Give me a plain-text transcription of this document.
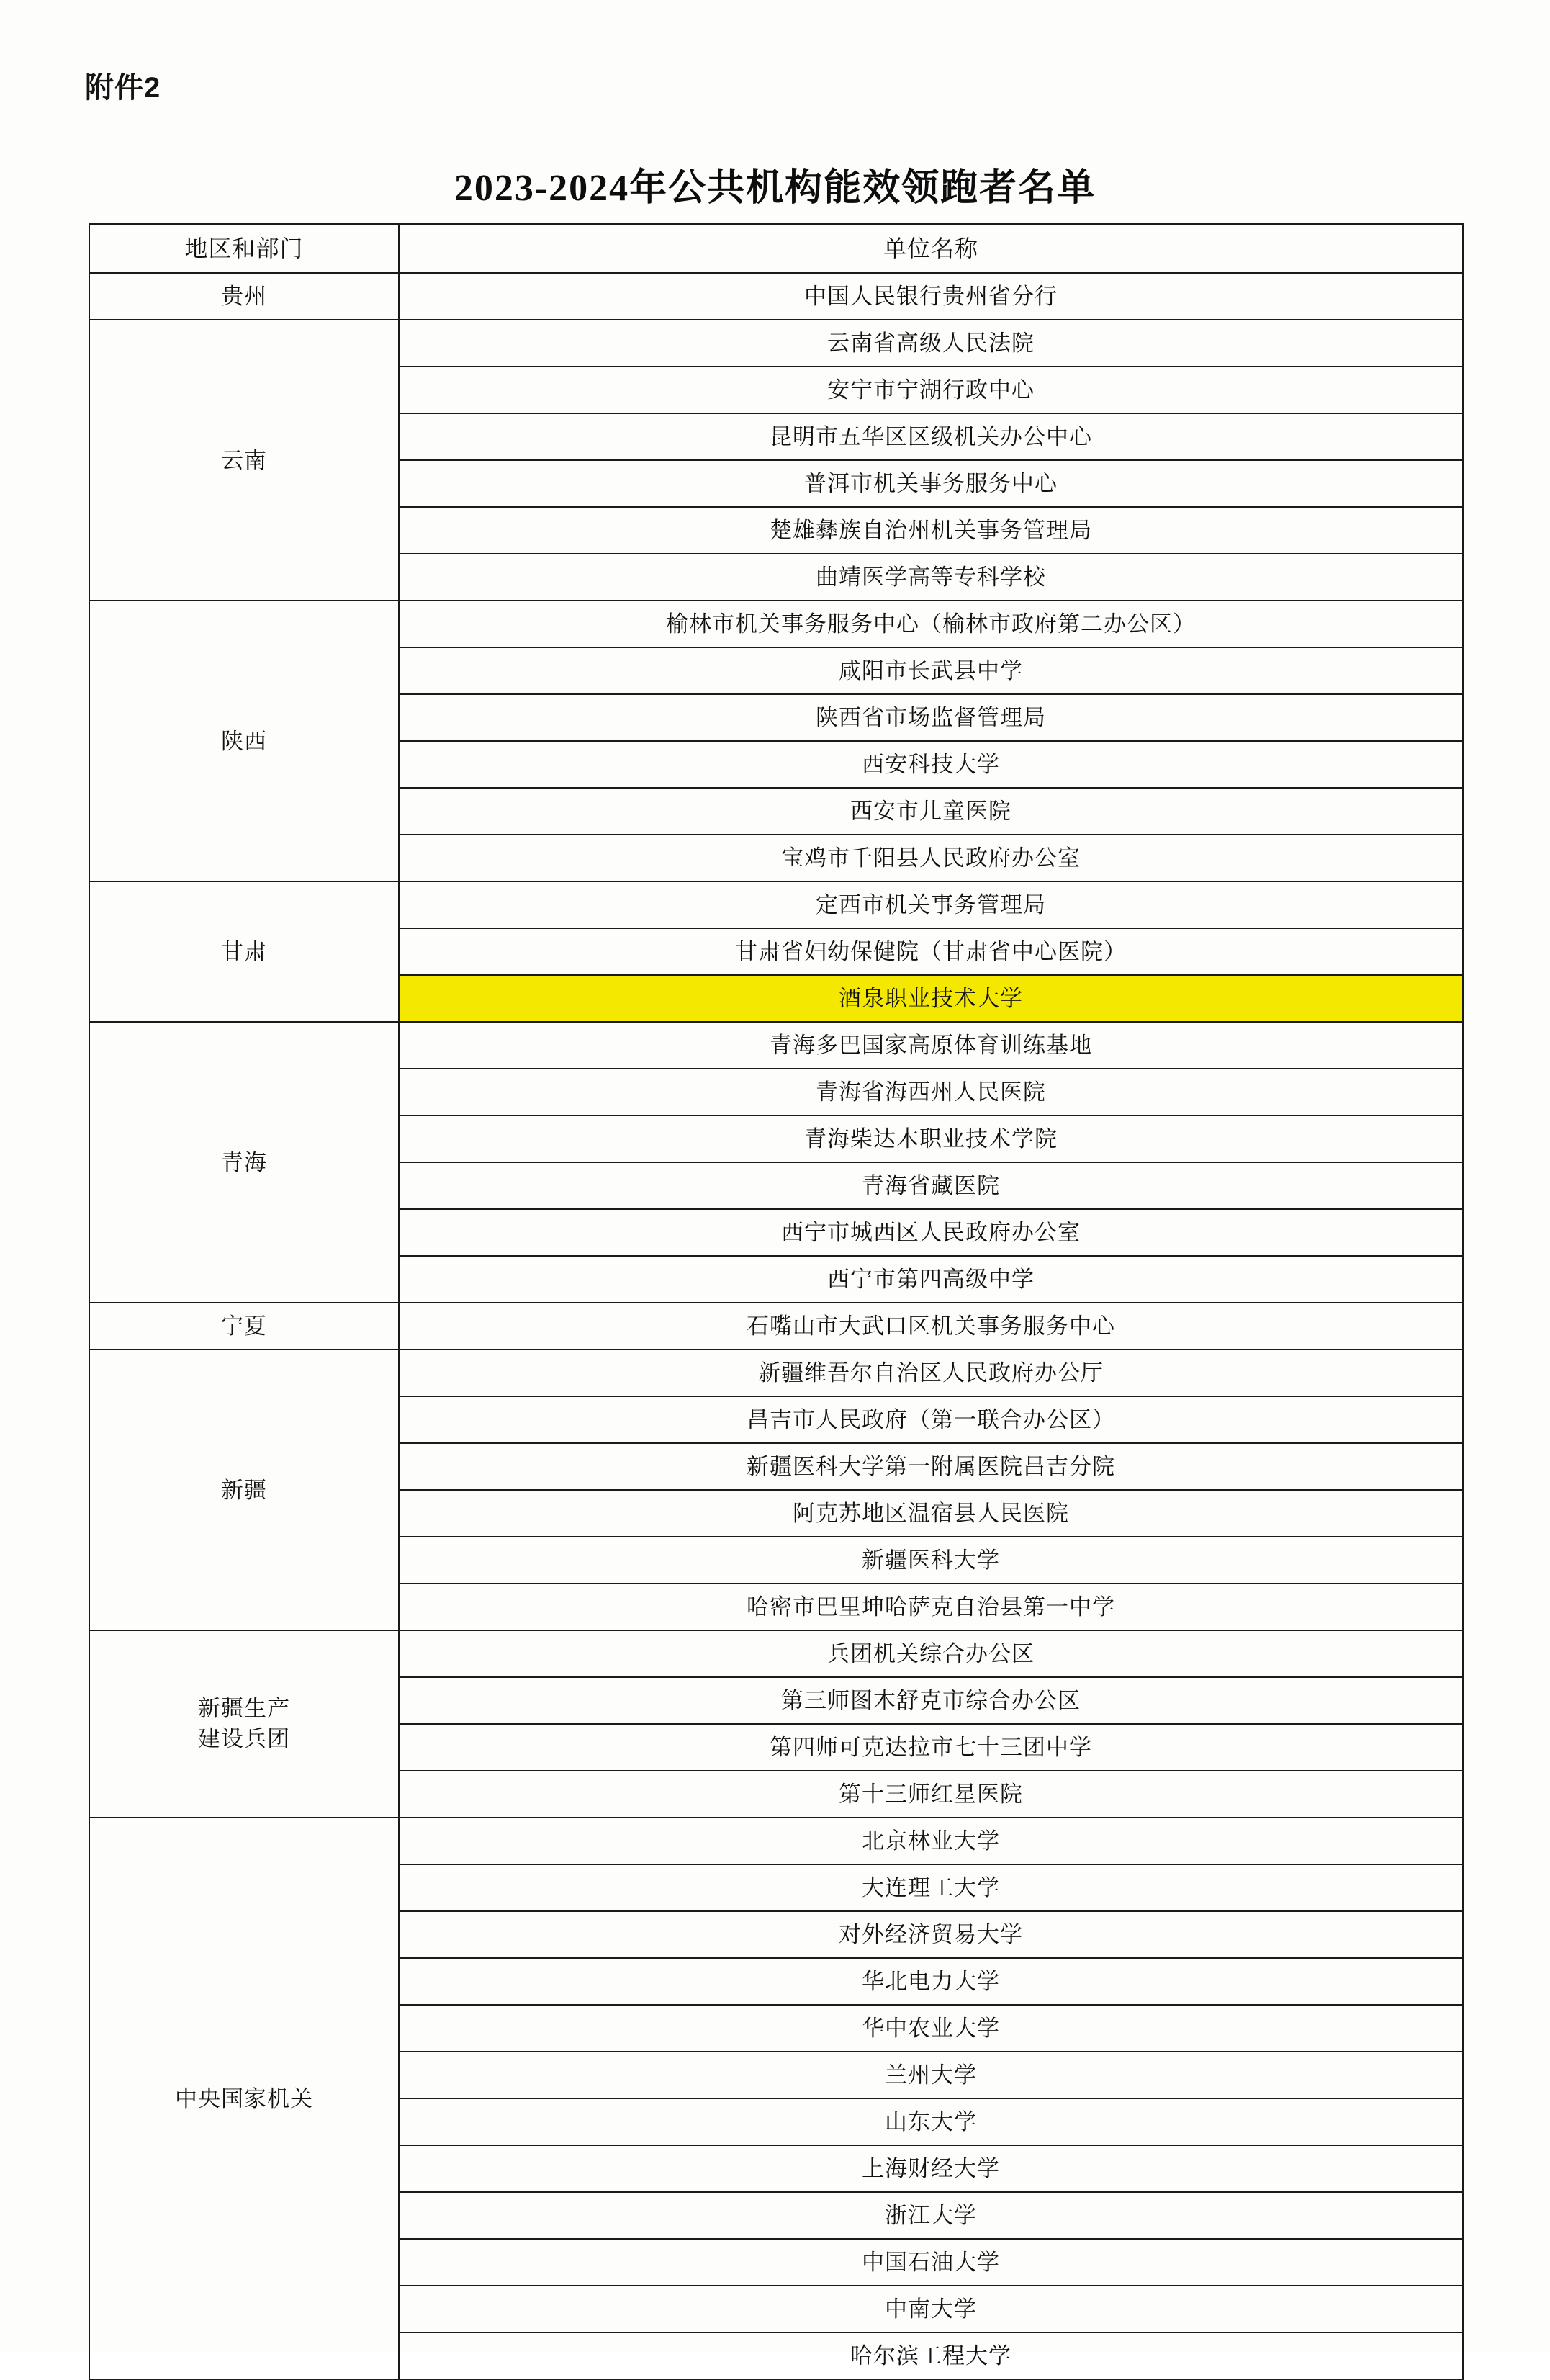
附件2
2023-2024年公共机构能效领跑者名单
地区和部门	单位名称
贵州	中国人民银行贵州省分行
云南	云南省高级人民法院
	安宁市宁湖行政中心
	昆明市五华区区级机关办公中心
	普洱市机关事务服务中心
	楚雄彝族自治州机关事务管理局
	曲靖医学高等专科学校
陕西	榆林市机关事务服务中心（榆林市政府第二办公区）
	咸阳市长武县中学
	陕西省市场监督管理局
	西安科技大学
	西安市儿童医院
	宝鸡市千阳县人民政府办公室
甘肃	定西市机关事务管理局
	甘肃省妇幼保健院（甘肃省中心医院）
	酒泉职业技术大学
青海	青海多巴国家高原体育训练基地
	青海省海西州人民医院
	青海柴达木职业技术学院
	青海省藏医院
	西宁市城西区人民政府办公室
	西宁市第四高级中学
宁夏	石嘴山市大武口区机关事务服务中心
新疆	新疆维吾尔自治区人民政府办公厅
	昌吉市人民政府（第一联合办公区）
	新疆医科大学第一附属医院昌吉分院
	阿克苏地区温宿县人民医院
	新疆医科大学
	哈密市巴里坤哈萨克自治县第一中学

新疆生产
建设兵团	兵团机关综合办公区
	第三师图木舒克市综合办公区
	第四师可克达拉市七十三团中学
	第十三师红星医院
中央国家机关	北京林业大学
	大连理工大学
	对外经济贸易大学
	华北电力大学
	华中农业大学
	兰州大学
	山东大学
	上海财经大学
	浙江大学
	中国石油大学
	中南大学
	哈尔滨工程大学
